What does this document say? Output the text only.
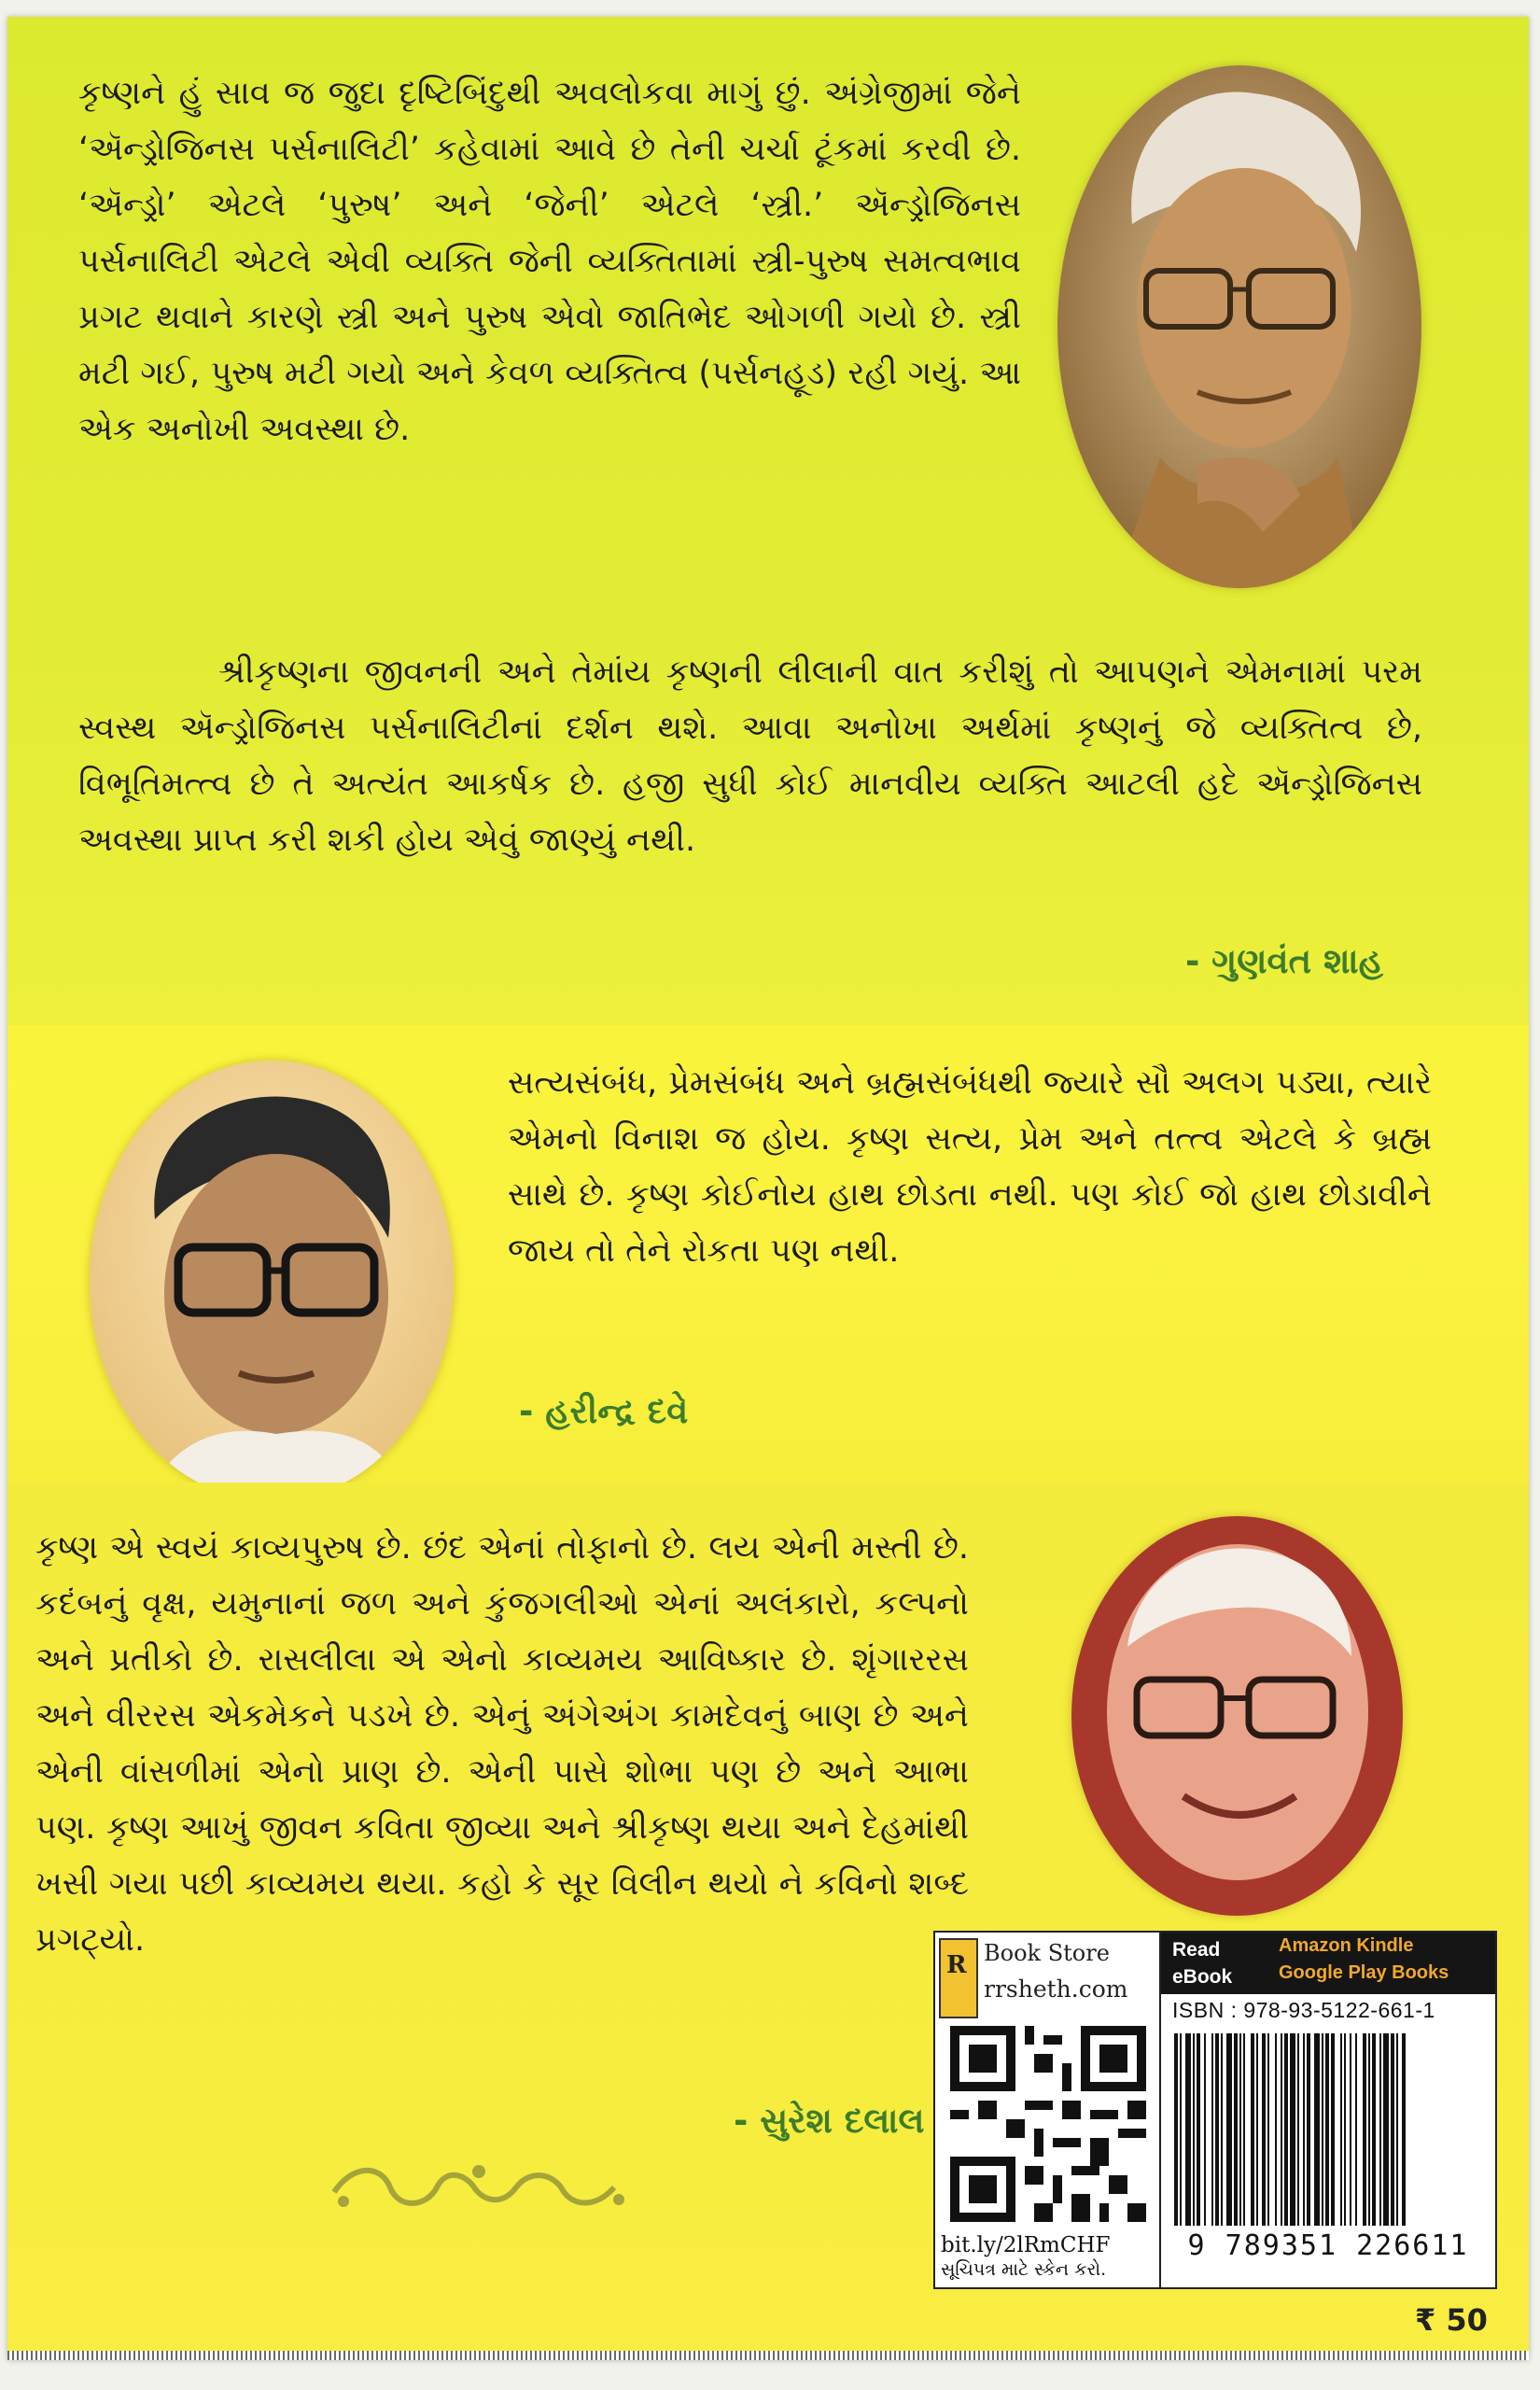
કૃષ્ણને હું સાવ જ જુદા દૃષ્ટિબિંદુથી અવલોકવા માગું છું. અંગ્રેજીમાં જેને ‘ઍન્ડ્રોજિનસ પર્સનાલિટી’ કહેવામાં આવે છે તેની ચર્ચા ટૂંકમાં કરવી છે. ‘ઍન્ડ્રો’ એટલે ‘પુરુષ’ અને ‘જેની’ એટલે ‘સ્ત્રી.’ ઍન્ડ્રોજિનસ પર્સનાલિટી એટલે એવી વ્યક્તિ જેની વ્યક્તિતામાં સ્ત્રી-પુરુષ સમત્વભાવ પ્રગટ થવાને કારણે સ્ત્રી અને પુરુષ એવો જાતિભેદ ઓગળી ગયો છે. સ્ત્રી મટી ગઈ, પુરુષ મટી ગયો અને કેવળ વ્યક્તિત્વ (પર્સનહૂડ) રહી ગયું. આ એક અનોખી અવસ્થા છે.

શ્રીકૃષ્ણના જીવનની અને તેમાંય કૃષ્ણની લીલાની વાત કરીશું તો આપણને એમનામાં પરમ સ્વસ્થ ઍન્ડ્રોજિનસ પર્સનાલિટીનાં દર્શન થશે. આવા અનોખા અર્થમાં કૃષ્ણનું જે વ્યક્તિત્વ છે, વિભૂતિમત્ત્વ છે તે અત્યંત આકર્ષક છે. હજી સુધી કોઈ માનવીય વ્યક્તિ આટલી હદે ઍન્ડ્રોજિનસ અવસ્થા પ્રાપ્ત કરી શકી હોય એવું જાણ્યું નથી.

- ગુણવંત શાહ

સત્યસંબંધ, પ્રેમસંબંધ અને બ્રહ્મસંબંધથી જ્યારે સૌ અલગ પડ્યા, ત્યારે એમનો વિનાશ જ હોય. કૃષ્ણ સત્ય, પ્રેમ અને તત્ત્વ એટલે કે બ્રહ્મ સાથે છે. કૃષ્ણ કોઈનોય હાથ છોડતા નથી. પણ કોઈ જો હાથ છોડાવીને જાય તો તેને રોકતા પણ નથી.

- હરીન્દ્ર દવે

કૃષ્ણ એ સ્વયં કાવ્યપુરુષ છે. છંદ એનાં તોફાનો છે. લય એની મસ્તી છે. કદંબનું વૃક્ષ, યમુનાનાં જળ અને કુંજગલીઓ એનાં અલંકારો, કલ્પનો અને પ્રતીકો છે. રાસલીલા એ એનો કાવ્યમય આવિષ્કાર છે. શૃંગારરસ અને વીરરસ એકમેકને પડખે છે. એનું અંગેઅંગ કામદેવનું બાણ છે અને એની વાંસળીમાં એનો પ્રાણ છે. એની પાસે શોભા પણ છે અને આભા પણ. કૃષ્ણ આખું જીવન કવિતા જીવ્યા અને શ્રીકૃષ્ણ થયા અને દેહમાંથી ખસી ગયા પછી કાવ્યમય થયા. કહો કે સૂર વિલીન થયો ને કવિનો શબ્દ પ્રગટ્યો.

- સુરેશ દલાલ
R Book Store
rrsheth.com
bit.ly/2lRmCHF
સૂચિપત્ર માટે સ્કેન કરો.
Read
eBook
Amazon Kindle
Google Play Books
ISBN : 978-93-5122-661-1
9 789351 226611
₹ 50
